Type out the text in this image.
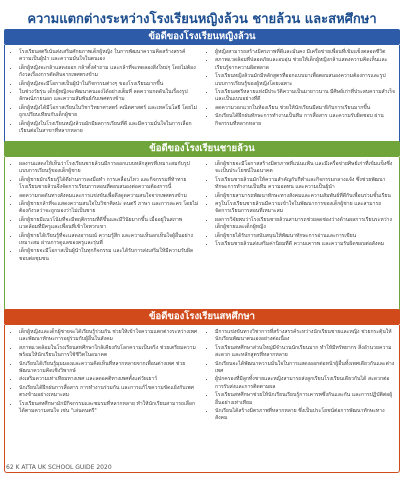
ความแตกต่างระหว่างโรงเรียนหญิงล้วน ชายล้วน และสหศึกษา
ข้อดีของโรงเรียนหญิงล้วน
• โรงเรียนสตรีเน้นส่งเสริมศักยภาพเด็กผู้หญิง ในการพัฒนาความคิดสร้างสรรค์ ความเป็นผู้นำ และความมั่นใจในตนเอง
• เด็กผู้หญิงจะกล้าแสดงออก กล้าตั้งคำถาม และกล้าที่จะทดลองสิ่งใหม่ๆ โดยไม่ต้องกังวลเรื่องการตัดสินจากเพศตรงข้าม
• เด็กผู้หญิงจะมีโอกาสเป็นผู้นำในกิจกรรมต่างๆ ของโรงเรียนมากขึ้น
• ในช่วงวัยรุ่น เด็กผู้หญิงจะพัฒนาตนเองได้อย่างเต็มที่ ลดความกดดันในเรื่องรูปลักษณ์ภายนอก และความสัมพันธ์กับเพศตรงข้าม
• เด็กผู้หญิงได้มีโอกาสเรียนในวิชาวิทยาศาสตร์ คณิตศาสตร์ และเทคโนโลยี โดยไม่ถูกเปรียบเทียบกับเด็กผู้ชาย
• เด็กผู้หญิงในโรงเรียนหญิงล้วนมักมีผลการเรียนที่ดี และมีความมั่นใจในการเลือกเรียนต่อในสาขาที่หลากหลาย
• ผู้หญิงสามารถสร้างมิตรภาพที่ดีและมั่นคง มีเครือข่ายเพื่อนที่เข้มแข็งตลอดชีวิต
• สภาพแวดล้อมที่ปลอดภัยและอบอุ่น ช่วยให้เด็กผู้หญิงกล้าแสดงความคิดเห็นและเรียนรู้จากความผิดพลาด
• โรงเรียนหญิงล้วนมักมีหลักสูตรที่ออกแบบมาเพื่อตอบสนองความต้องการและรูปแบบการเรียนรู้ของผู้หญิงโดยเฉพาะ
• โรงเรียนสตรีหลายแห่งมีประวัติความเป็นมายาวนาน มีศิษย์เก่าที่ประสบความสำเร็จ และเป็นแบบอย่างที่ดี
• ลดความวอกแวกในห้องเรียน ช่วยให้นักเรียนมีสมาธิกับการเรียนมากขึ้น
• นักเรียนได้ฝึกฝนทักษะการทำงานเป็นทีม การสื่อสาร และความรับผิดชอบ ผ่านกิจกรรมที่หลากหลาย
ข้อดีของโรงเรียนชายล้วน
• ผลงานแสดงให้เห็นว่าโรงเรียนชายล้วนมีการออกแบบหลักสูตรที่เหมาะสมกับรูปแบบการเรียนรู้ของเด็กผู้ชาย
• เด็กผู้ชายมักเรียนรู้ได้ดีผ่านการลงมือทำ การเคลื่อนไหว และกิจกรรมที่ท้าทาย โรงเรียนชายล้วนจึงจัดการเรียนการสอนที่ตอบสนองต่อความต้องการนี้
• ลดความกดดันทางสังคมและการแข่งขันเพื่อดึงดูดความสนใจจากเพศตรงข้าม
• เด็กผู้ชายกล้าที่จะแสดงความสนใจในวิชาศิลปะ ดนตรี ภาษา และการละคร โดยไม่ต้องกังวลว่าจะถูกมองว่าไม่เป็นชาย
• เด็กผู้ชายมีแนวโน้มที่จะมีพฤติกรรมที่ดีขึ้นและมีวินัยมากขึ้น เมื่ออยู่ในสภาพแวดล้อมที่มีครูและเพื่อนที่เข้าใจพวกเขา
• เด็กผู้ชายได้เรียนรู้ที่จะแสดงอารมณ์ ความรู้สึก และความเห็นอกเห็นใจผู้อื่นอย่างเหมาะสม ผ่านการดูแลของครูและรุ่นพี่
• เด็กผู้ชายจะมีโอกาสเป็นผู้นำในทุกกิจกรรม และได้รับการส่งเสริมให้มีความรับผิดชอบต่อชุมชน
• เด็กผู้ชายจะมีโอกาสสร้างมิตรภาพที่แน่นแฟ้น และมีเครือข่ายศิษย์เก่าที่เข้มแข็งซึ่งจะเป็นประโยชน์ในอนาคต
• โรงเรียนชายล้วนมักให้ความสำคัญกับกีฬาและกิจกรรมกลางแจ้ง ซึ่งช่วยพัฒนาทักษะการทำงานเป็นทีม ความอดทน และความเป็นผู้นำ
• เด็กผู้ชายสามารถพัฒนาทักษะทางสังคมและความสัมพันธ์ที่ดีกับเพื่อนร่วมชั้นเรียน
• ครูในโรงเรียนชายล้วนมีความเข้าใจในพัฒนาการของเด็กผู้ชาย และสามารถจัดการเรียนการสอนที่เหมาะสม
• ผลการวิจัยพบว่าโรงเรียนชายล้วนสามารถช่วยลดช่องว่างด้านผลการเรียนระหว่างเด็กผู้ชายและเด็กผู้หญิง
• เด็กผู้ชายได้รับการสนับสนุนให้พัฒนาทักษะการอ่านและการเขียน
• โรงเรียนชายล้วนส่งเสริมค่านิยมที่ดี ความเคารพ และความรับผิดชอบต่อสังคม
ข้อดีของโรงเรียนสหศึกษา
• เด็กผู้หญิงและเด็กผู้ชายจะได้เรียนรู้ร่วมกัน ช่วยให้เข้าใจความแตกต่างระหว่างเพศ และพัฒนาทักษะการอยู่ร่วมกับผู้อื่นในสังคม
• สภาพแวดล้อมในโรงเรียนสหศึกษาใกล้เคียงกับโลกความเป็นจริง ช่วยเตรียมความพร้อมให้นักเรียนในการใช้ชีวิตในอนาคต
• นักเรียนได้เรียนรู้มุมมองและความคิดเห็นที่หลากหลายจากเพื่อนต่างเพศ ช่วยพัฒนาความคิดเชิงวิพากษ์
• ส่งเสริมความเท่าเทียมทางเพศ และลดอคติทางเพศตั้งแต่วัยเยาว์
• นักเรียนได้ฝึกฝนการสื่อสาร การทำงานร่วมกัน และการแก้ไขความขัดแย้งกับเพศตรงข้ามอย่างเหมาะสม
• โรงเรียนสหศึกษามักมีกิจกรรมและชมรมที่หลากหลาย ทำให้นักเรียนสามารถเลือกได้ตามความสนใจ เช่น "เล่นดนตรี"
• มีการแข่งขันทางวิชาการที่สร้างสรรค์ระหว่างนักเรียนชายและหญิง ช่วยกระตุ้นให้นักเรียนพัฒนาตนเองอย่างต่อเนื่อง
• โรงเรียนสหศึกษาส่วนใหญ่มีจำนวนนักเรียนมาก ทำให้มีทรัพยากร สิ่งอำนวยความสะดวก และหลักสูตรที่หลากหลาย
• นักเรียนจะได้พัฒนาความมั่นใจในการแสดงออกต่อหน้าผู้อื่นทั้งเพศเดียวกันและต่างเพศ
• ผู้ปกครองที่มีลูกทั้งชายและหญิงสามารถส่งลูกเรียนโรงเรียนเดียวกันได้ สะดวกต่อการรับส่งและการติดตามผล
• โรงเรียนสหศึกษาช่วยให้นักเรียนเรียนรู้การเคารพซึ่งกันและกัน และการปฏิบัติต่อผู้อื่นอย่างเท่าเทียม
• นักเรียนได้สร้างมิตรภาพที่หลากหลาย ซึ่งเป็นประโยชน์ต่อการพัฒนาทักษะทางสังคม
62 K ATTA UK SCHOOL GUIDE 2020
